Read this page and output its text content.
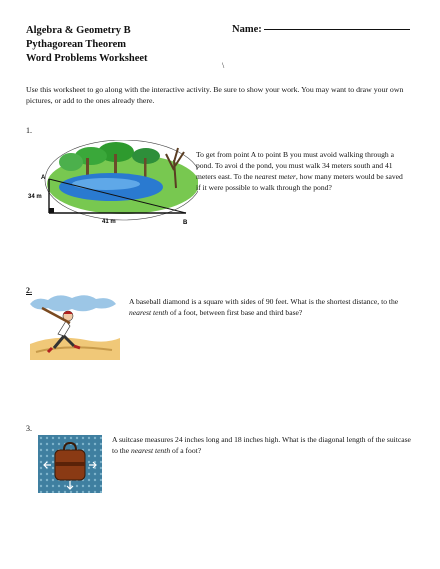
Algebra & Geometry B
Pythagorean Theorem
Word Problems Worksheet
Name:
\
Use this worksheet to go along with the interactive activity. Be sure to show your work. You may want to draw your own pictures, or add to the ones already there.
1.
A
B
34 m
41 m
To get from point A to point B you must avoid walking through a pond. To avoi d the pond, you must walk 34 meters south and 41 meters east. To the nearest meter, how many meters would be saved if it were possible to walk through the pond?
2.
A baseball diamond is a square with sides of 90 feet. What is the shortest distance, to the nearest tenth of a foot, between first base and third base?
3.
A suitcase measures 24 inches long and 18 inches high. What is the diagonal length of the suitcase to the nearest tenth of a foot?
